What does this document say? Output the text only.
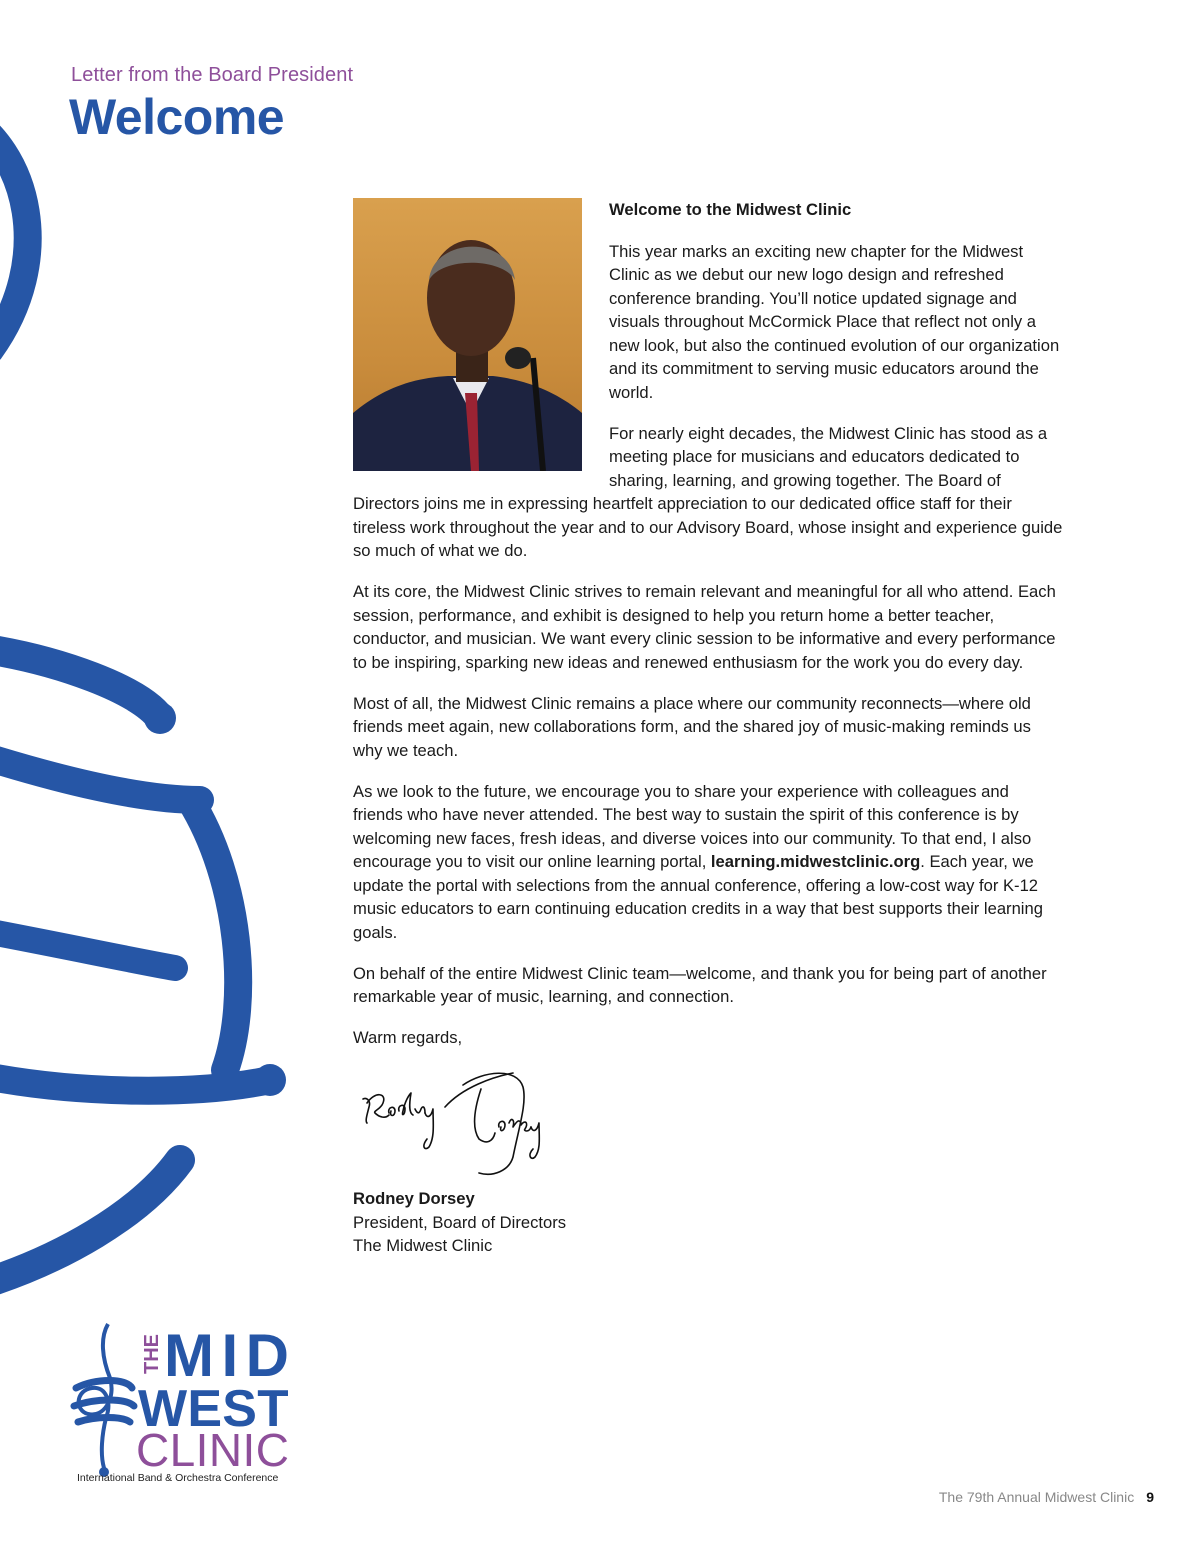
Letter from the Board President
Welcome

Welcome to the Midwest Clinic

This year marks an exciting new chapter for the Midwest Clinic as we debut our new logo design and refreshed conference branding. You’ll notice updated signage and visuals throughout McCormick Place that reflect not only a new look, but also the continued evolution of our organization and its commitment to serving music educators around the world.

For nearly eight decades, the Midwest Clinic has stood as a meeting place for musicians and educators dedicated to sharing, learning, and growing together. The Board of Directors joins me in expressing heartfelt appreciation to our dedicated office staff for their tireless work throughout the year and to our Advisory Board, whose insight and experience guide so much of what we do.

At its core, the Midwest Clinic strives to remain relevant and meaningful for all who attend. Each session, performance, and exhibit is designed to help you return home a better teacher, conductor, and musician. We want every clinic session to be informative and every performance to be inspiring, sparking new ideas and renewed enthusiasm for the work you do every day.

Most of all, the Midwest Clinic remains a place where our community reconnects—where old friends meet again, new collaborations form, and the shared joy of music-making reminds us why we teach.

As we look to the future, we encourage you to share your experience with colleagues and friends who have never attended. The best way to sustain the spirit of this conference is by welcoming new faces, fresh ideas, and diverse voices into our community. To that end, I also encourage you to visit our online learning portal, learning.midwestclinic.org. Each year, we update the portal with selections from the annual conference, offering a low-cost way for K-12 music educators to earn continuing education credits in a way that best supports their learning goals.

On behalf of the entire Midwest Clinic team—welcome, and thank you for being part of another remarkable year of music, learning, and connection.

Warm regards,

Rodney Dorsey
President, Board of Directors
The Midwest Clinic
THE MID
WEST
CLINIC
International Band & Orchestra Conference
The 79th Annual Midwest Clinic 9
